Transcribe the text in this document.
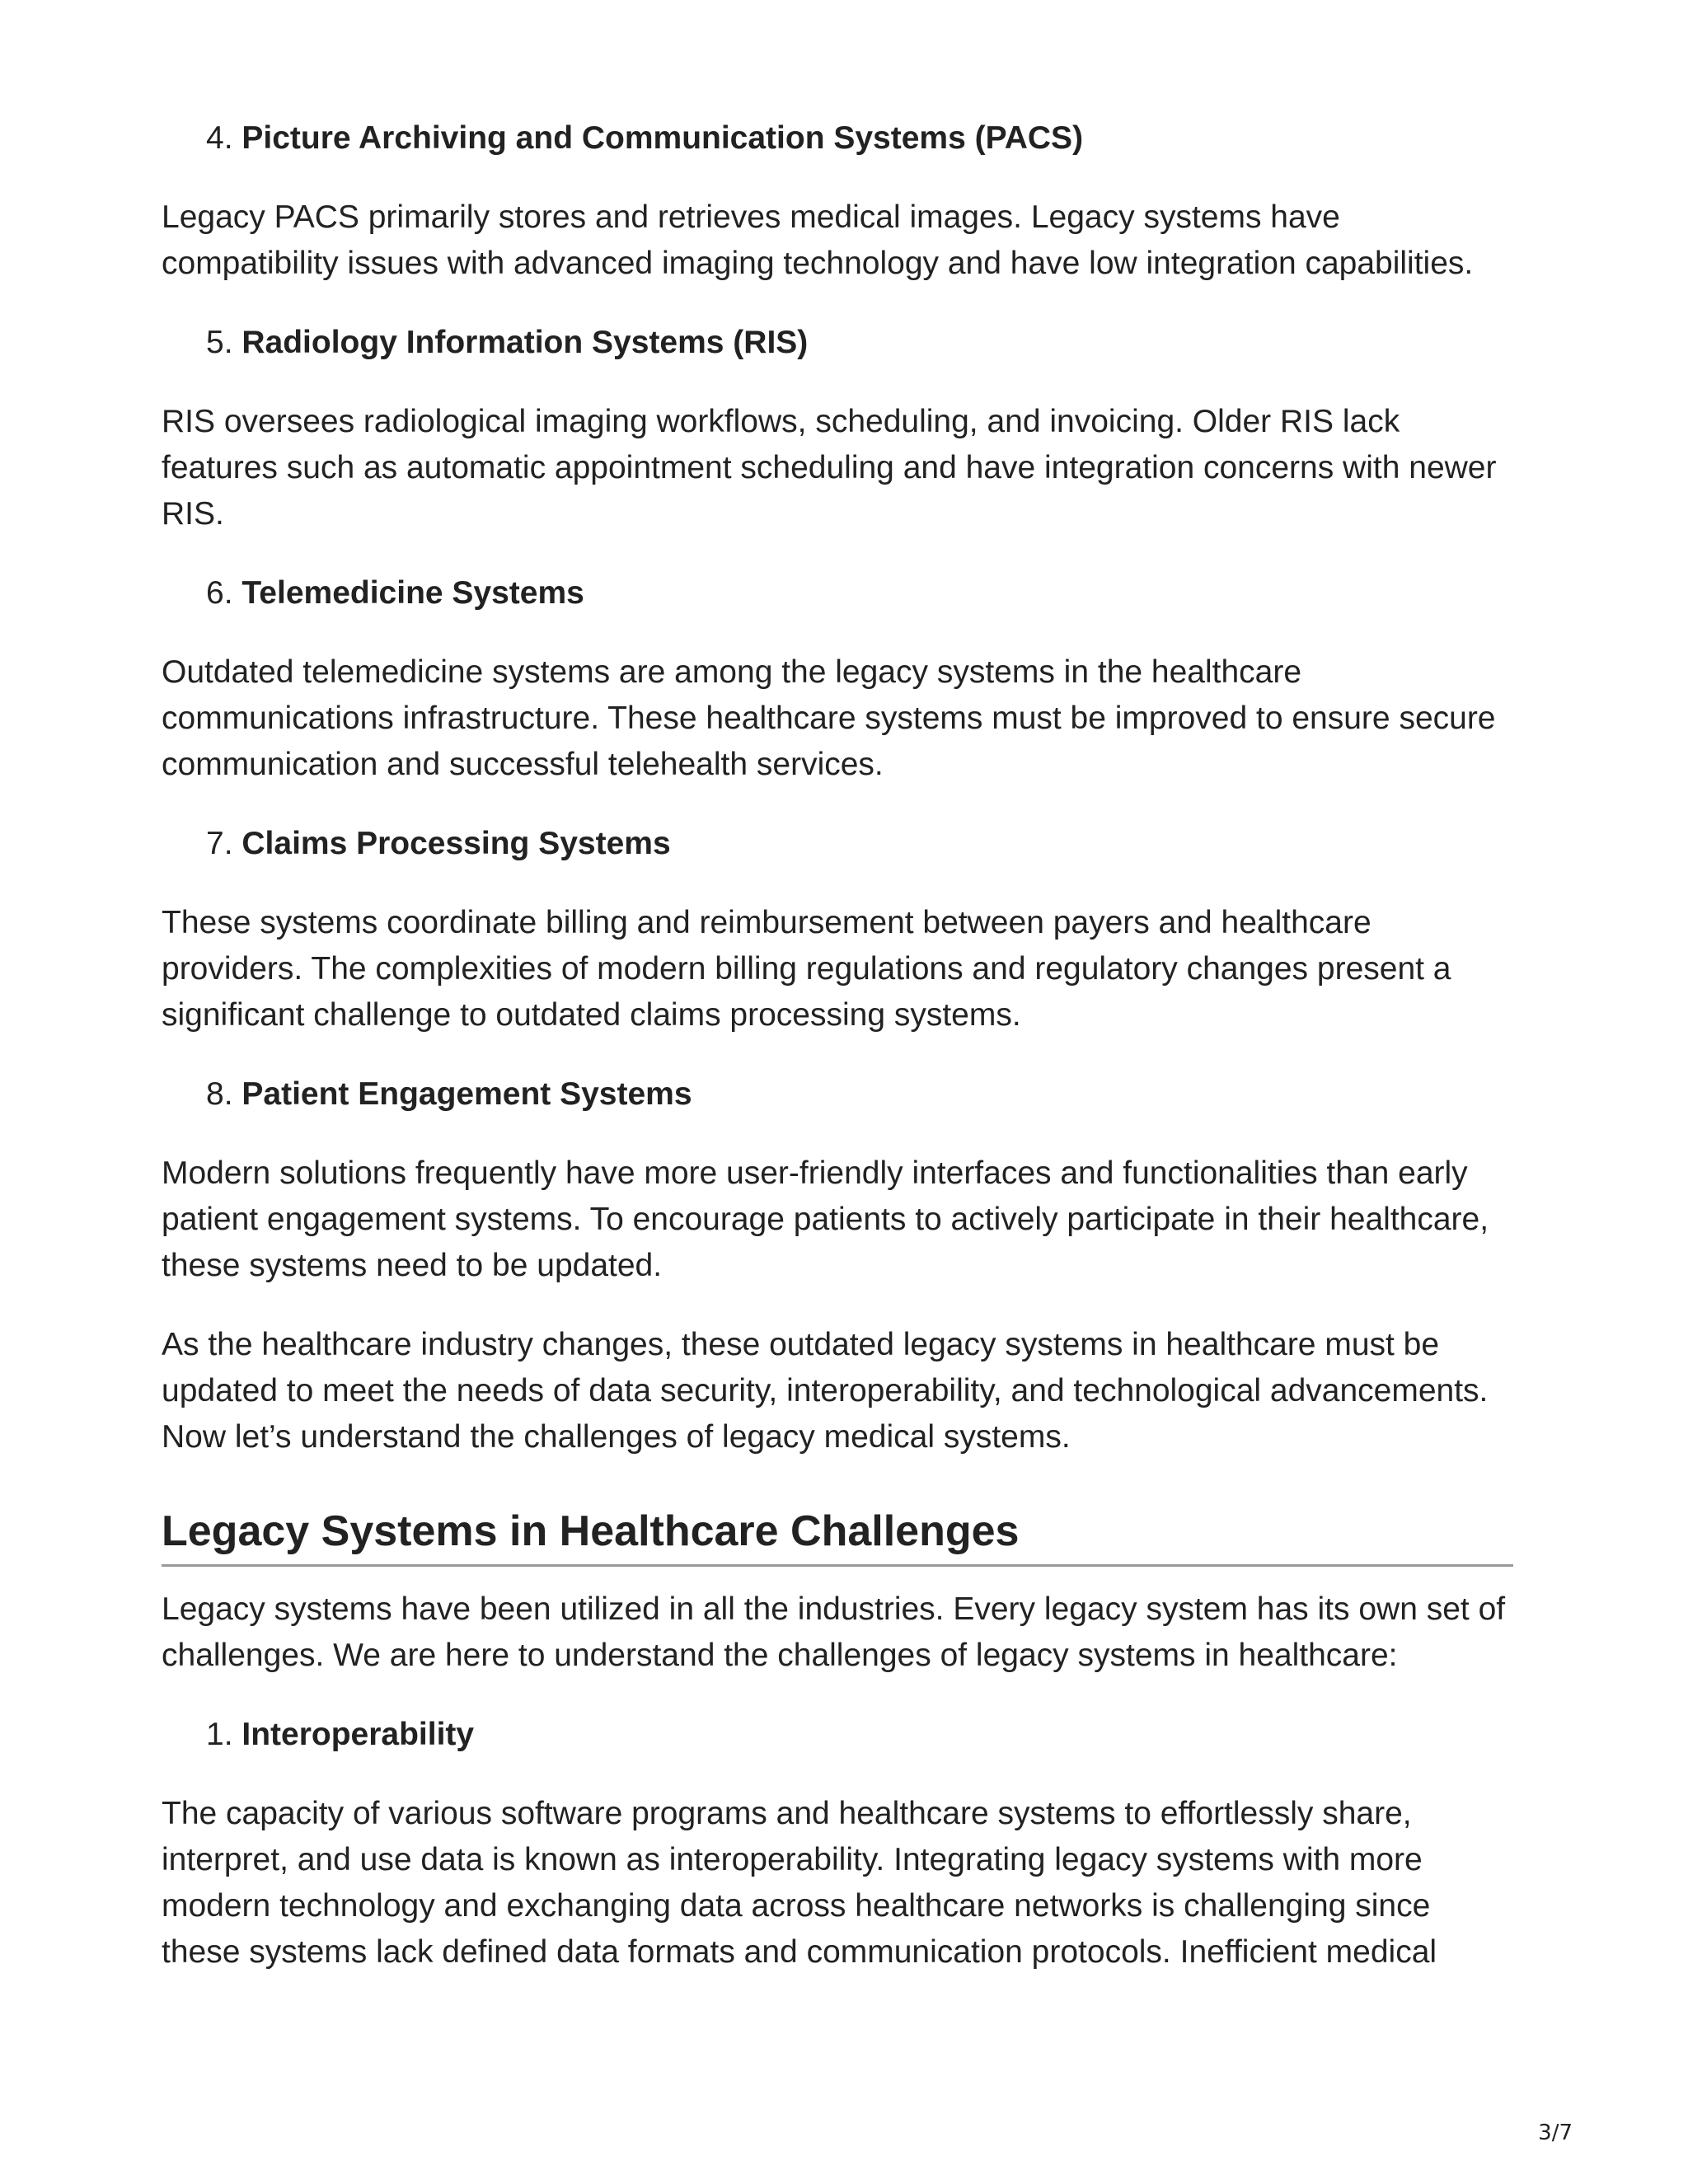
4. Picture Archiving and Communication Systems (PACS)

Legacy PACS primarily stores and retrieves medical images. Legacy systems have compatibility issues with advanced imaging technology and have low integration capabilities.

5. Radiology Information Systems (RIS)

RIS oversees radiological imaging workflows, scheduling, and invoicing. Older RIS lack features such as automatic appointment scheduling and have integration concerns with newer RIS.

6. Telemedicine Systems

Outdated telemedicine systems are among the legacy systems in the healthcare communications infrastructure. These healthcare systems must be improved to ensure secure communication and successful telehealth services.

7. Claims Processing Systems

These systems coordinate billing and reimbursement between payers and healthcare providers. The complexities of modern billing regulations and regulatory changes present a significant challenge to outdated claims processing systems.

8. Patient Engagement Systems

Modern solutions frequently have more user-friendly interfaces and functionalities than early patient engagement systems. To encourage patients to actively participate in their healthcare, these systems need to be updated.

As the healthcare industry changes, these outdated legacy systems in healthcare must be updated to meet the needs of data security, interoperability, and technological advancements. Now let’s understand the challenges of legacy medical systems.

Legacy Systems in Healthcare Challenges

Legacy systems have been utilized in all the industries. Every legacy system has its own set of challenges. We are here to understand the challenges of legacy systems in healthcare:

1. Interoperability

The capacity of various software programs and healthcare systems to effortlessly share, interpret, and use data is known as interoperability. Integrating legacy systems with more modern technology and exchanging data across healthcare networks is challenging since these systems lack defined data formats and communication protocols. Inefficient medical

3/7
